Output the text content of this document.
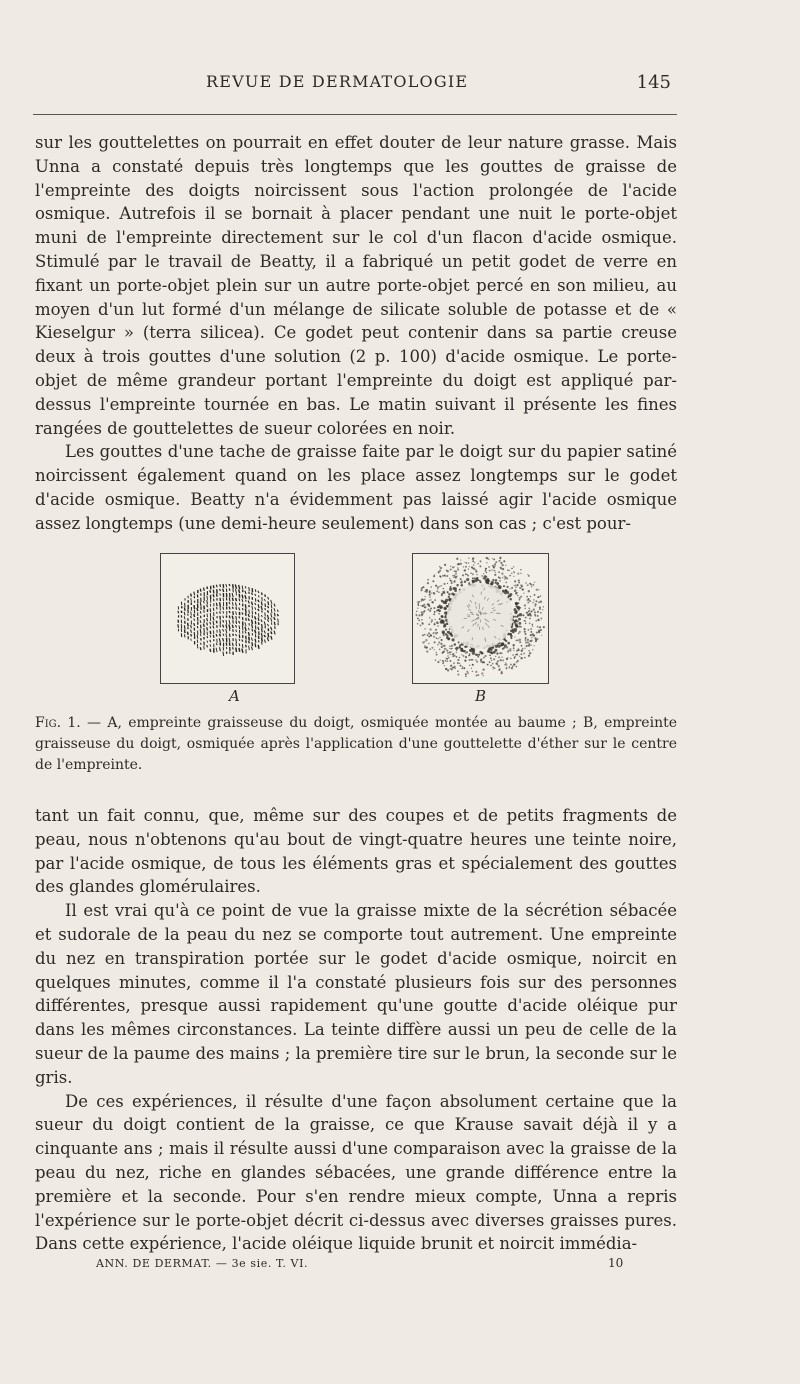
REVUE DE DERMATOLOGIE	145

sur les gouttelettes on pourrait en effet douter de leur nature grasse. Mais Unna a constaté depuis très longtemps que les gouttes de graisse de l'empreinte des doigts noircissent sous l'action prolongée de l'acide osmique. Autrefois il se bornait à placer pendant une nuit le porte-objet muni de l'empreinte directement sur le col d'un flacon d'acide osmique. Stimulé par le travail de Beatty, il a fabriqué un petit godet de verre en fixant un porte-objet plein sur un autre porte-objet percé en son milieu, au moyen d'un lut formé d'un mélange de silicate soluble de potasse et de « Kieselgur » (terra silicea). Ce godet peut contenir dans sa partie creuse deux à trois gouttes d'une solution (2 p. 100) d'acide osmique. Le porte-objet de même grandeur portant l'empreinte du doigt est appliqué par-dessus l'empreinte tournée en bas. Le matin suivant il présente les fines rangées de gouttelettes de sueur colorées en noir.

Les gouttes d'une tache de graisse faite par le doigt sur du papier satiné noircissent également quand on les place assez longtemps sur le godet d'acide osmique. Beatty n'a évidemment pas laissé agir l'acide osmique assez longtemps (une demi-heure seulement) dans son cas ; c'est pour-

A	B
Fig. 1. — A, empreinte graisseuse du doigt, osmiquée montée au baume ; B, empreinte graisseuse du doigt, osmiquée après l'application d'une gouttelette d'éther sur le centre de l'empreinte.

tant un fait connu, que, même sur des coupes et de petits fragments de peau, nous n'obtenons qu'au bout de vingt-quatre heures une teinte noire, par l'acide osmique, de tous les éléments gras et spécialement des gouttes des glandes glomérulaires.

Il est vrai qu'à ce point de vue la graisse mixte de la sécrétion sébacée et sudorale de la peau du nez se comporte tout autrement. Une empreinte du nez en transpiration portée sur le godet d'acide osmique, noircit en quelques minutes, comme il l'a constaté plusieurs fois sur des personnes différentes, presque aussi rapidement qu'une goutte d'acide oléique pur dans les mêmes circonstances. La teinte diffère aussi un peu de celle de la sueur de la paume des mains ; la première tire sur le brun, la seconde sur le gris.

De ces expériences, il résulte d'une façon absolument certaine que la sueur du doigt contient de la graisse, ce que Krause savait déjà il y a cinquante ans ; mais il résulte aussi d'une comparaison avec la graisse de la peau du nez, riche en glandes sébacées, une grande différence entre la première et la seconde. Pour s'en rendre mieux compte, Unna a repris l'expérience sur le porte-objet décrit ci-dessus avec diverses graisses pures. Dans cette expérience, l'acide oléique liquide brunit et noircit immédia-

ANN. DE DERMAT. — 3e sie. T. VI.	10
